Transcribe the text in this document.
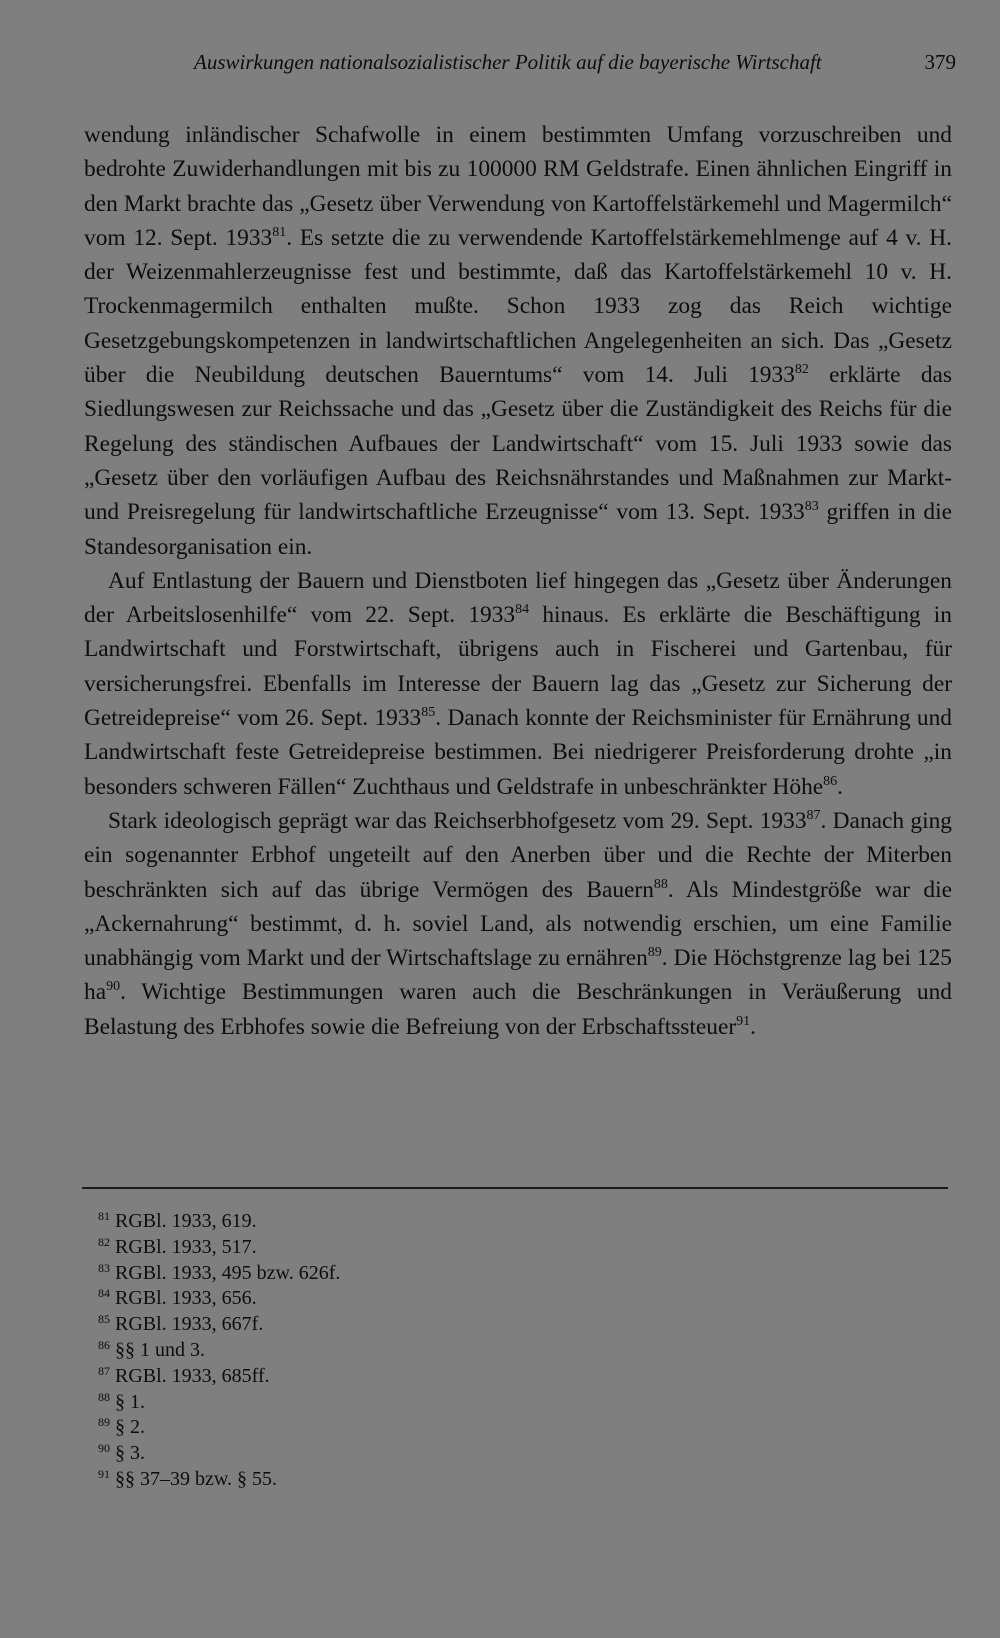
Auswirkungen nationalsozialistischer Politik auf die bayerische Wirtschaft	379

wendung inländischer Schafwolle in einem bestimmten Umfang vorzuschreiben und bedrohte Zuwiderhandlungen mit bis zu 100000 RM Geldstrafe. Einen ähnlichen Eingriff in den Markt brachte das „Gesetz über Verwendung von Kartoffelstärkemehl und Magermilch“ vom 12. Sept. 1933$^{81}$. Es setzte die zu verwendende Kartoffelstärkemehlmenge auf 4 v. H. der Weizenmahlerzeugnisse fest und bestimmte, daß das Kartoffelstärkemehl 10 v. H. Trockenmagermilch enthalten mußte. Schon 1933 zog das Reich wichtige Gesetzgebungskompetenzen in landwirtschaftlichen Angelegenheiten an sich. Das „Gesetz über die Neubildung deutschen Bauerntums“ vom 14. Juli 1933$^{82}$ erklärte das Siedlungswesen zur Reichssache und das „Gesetz über die Zuständigkeit des Reichs für die Regelung des ständischen Aufbaues der Landwirtschaft“ vom 15. Juli 1933 sowie das „Gesetz über den vorläufigen Aufbau des Reichsnährstandes und Maßnahmen zur Markt- und Preisregelung für landwirtschaftliche Erzeugnisse“ vom 13. Sept. 1933$^{83}$ griffen in die Standesorganisation ein.

Auf Entlastung der Bauern und Dienstboten lief hingegen das „Gesetz über Änderungen der Arbeitslosenhilfe“ vom 22. Sept. 1933$^{84}$ hinaus. Es erklärte die Beschäftigung in Landwirtschaft und Forstwirtschaft, übrigens auch in Fischerei und Gartenbau, für versicherungsfrei. Ebenfalls im Interesse der Bauern lag das „Gesetz zur Sicherung der Getreidepreise“ vom 26. Sept. 1933$^{85}$. Danach konnte der Reichsminister für Ernährung und Landwirtschaft feste Getreidepreise bestimmen. Bei niedrigerer Preisforderung drohte „in besonders schweren Fällen“ Zuchthaus und Geldstrafe in unbeschränkter Höhe$^{86}$.

Stark ideologisch geprägt war das Reichserbhofgesetz vom 29. Sept. 1933$^{87}$. Danach ging ein sogenannter Erbhof ungeteilt auf den Anerben über und die Rechte der Miterben beschränkten sich auf das übrige Vermögen des Bauern$^{88}$. Als Mindestgröße war die „Ackernahrung“ bestimmt, d. h. soviel Land, als notwendig erschien, um eine Familie unabhängig vom Markt und der Wirtschaftslage zu ernähren$^{89}$. Die Höchstgrenze lag bei 125 $ha^{90}$. Wichtige Bestimmungen waren auch die Beschränkungen in Veräußerung und Belastung des Erbhofes sowie die Befreiung von der Erbschaftssteuer$^{91}$.

$^{81}$ RGBl. 1933, 619.
$^{82}$ RGBl. 1933, 517.
$^{83}$ RGBl. 1933, 495 bzw. 626f.
$^{84}$ RGBl. 1933, 656.
$^{85}$ RGBl. 1933, 667f.
$^{86}$ §§ 1 und 3.
$^{87}$ RGBl. 1933, 685ff.
$^{88}$ § 1.
$^{89}$ § 2.
$^{90}$ § 3.
$^{91}$ §§ 37–39 bzw. § 55.
